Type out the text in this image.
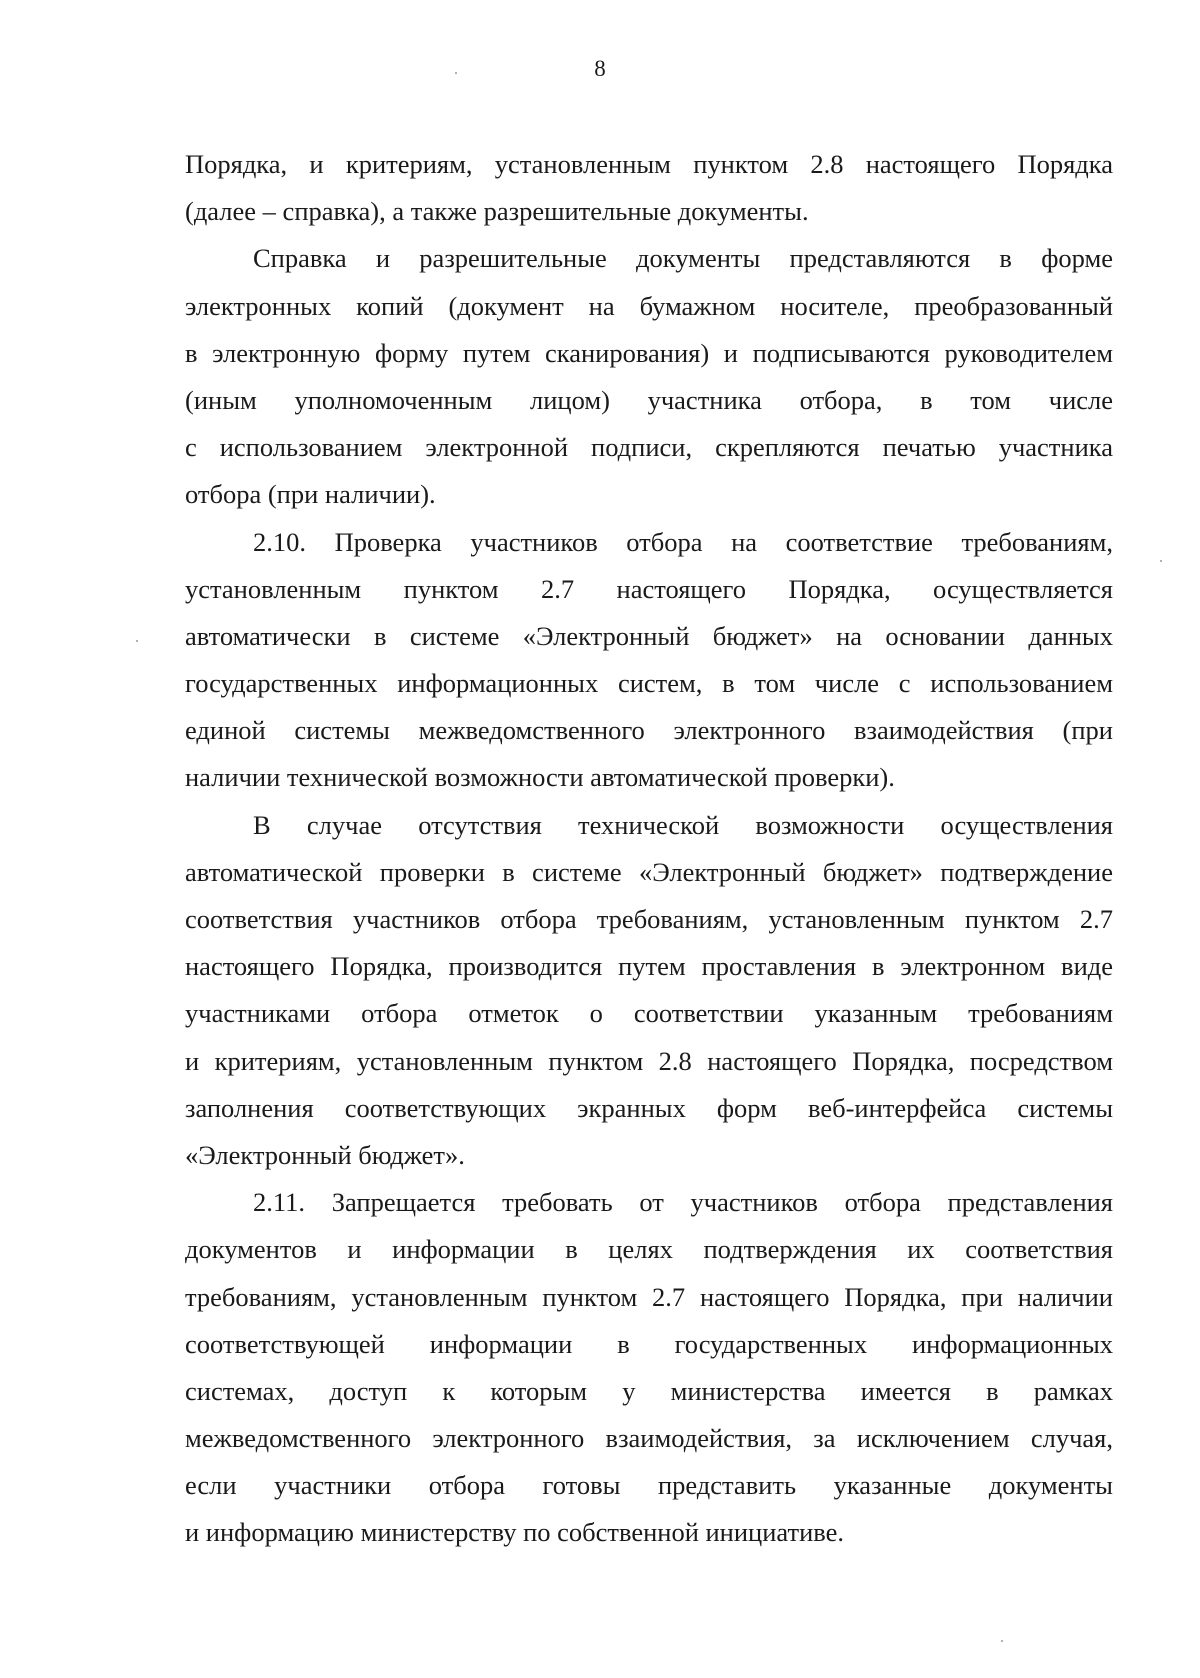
8
Порядка, и критериям, установленным пунктом 2.8 настоящего Порядка
(далее – справка), а также разрешительные документы.
Справка и разрешительные документы представляются в форме
электронных копий (документ на бумажном носителе, преобразованный
в электронную форму путем сканирования) и подписываются руководителем
(иным уполномоченным лицом) участника отбора, в том числе
с использованием электронной подписи, скрепляются печатью участника
отбора (при наличии).
2.10. Проверка участников отбора на соответствие требованиям,
установленным пунктом 2.7 настоящего Порядка, осуществляется
автоматически в системе «Электронный бюджет» на основании данных
государственных информационных систем, в том числе с использованием
единой системы межведомственного электронного взаимодействия (при
наличии технической возможности автоматической проверки).
В случае отсутствия технической возможности осуществления
автоматической проверки в системе «Электронный бюджет» подтверждение
соответствия участников отбора требованиям, установленным пунктом 2.7
настоящего Порядка, производится путем проставления в электронном виде
участниками отбора отметок о соответствии указанным требованиям
и критериям, установленным пунктом 2.8 настоящего Порядка, посредством
заполнения соответствующих экранных форм веб-интерфейса системы
«Электронный бюджет».
2.11. Запрещается требовать от участников отбора представления
документов и информации в целях подтверждения их соответствия
требованиям, установленным пунктом 2.7 настоящего Порядка, при наличии
соответствующей информации в государственных информационных
системах, доступ к которым у министерства имеется в рамках
межведомственного электронного взаимодействия, за исключением случая,
если участники отбора готовы представить указанные документы
и информацию министерству по собственной инициативе.
